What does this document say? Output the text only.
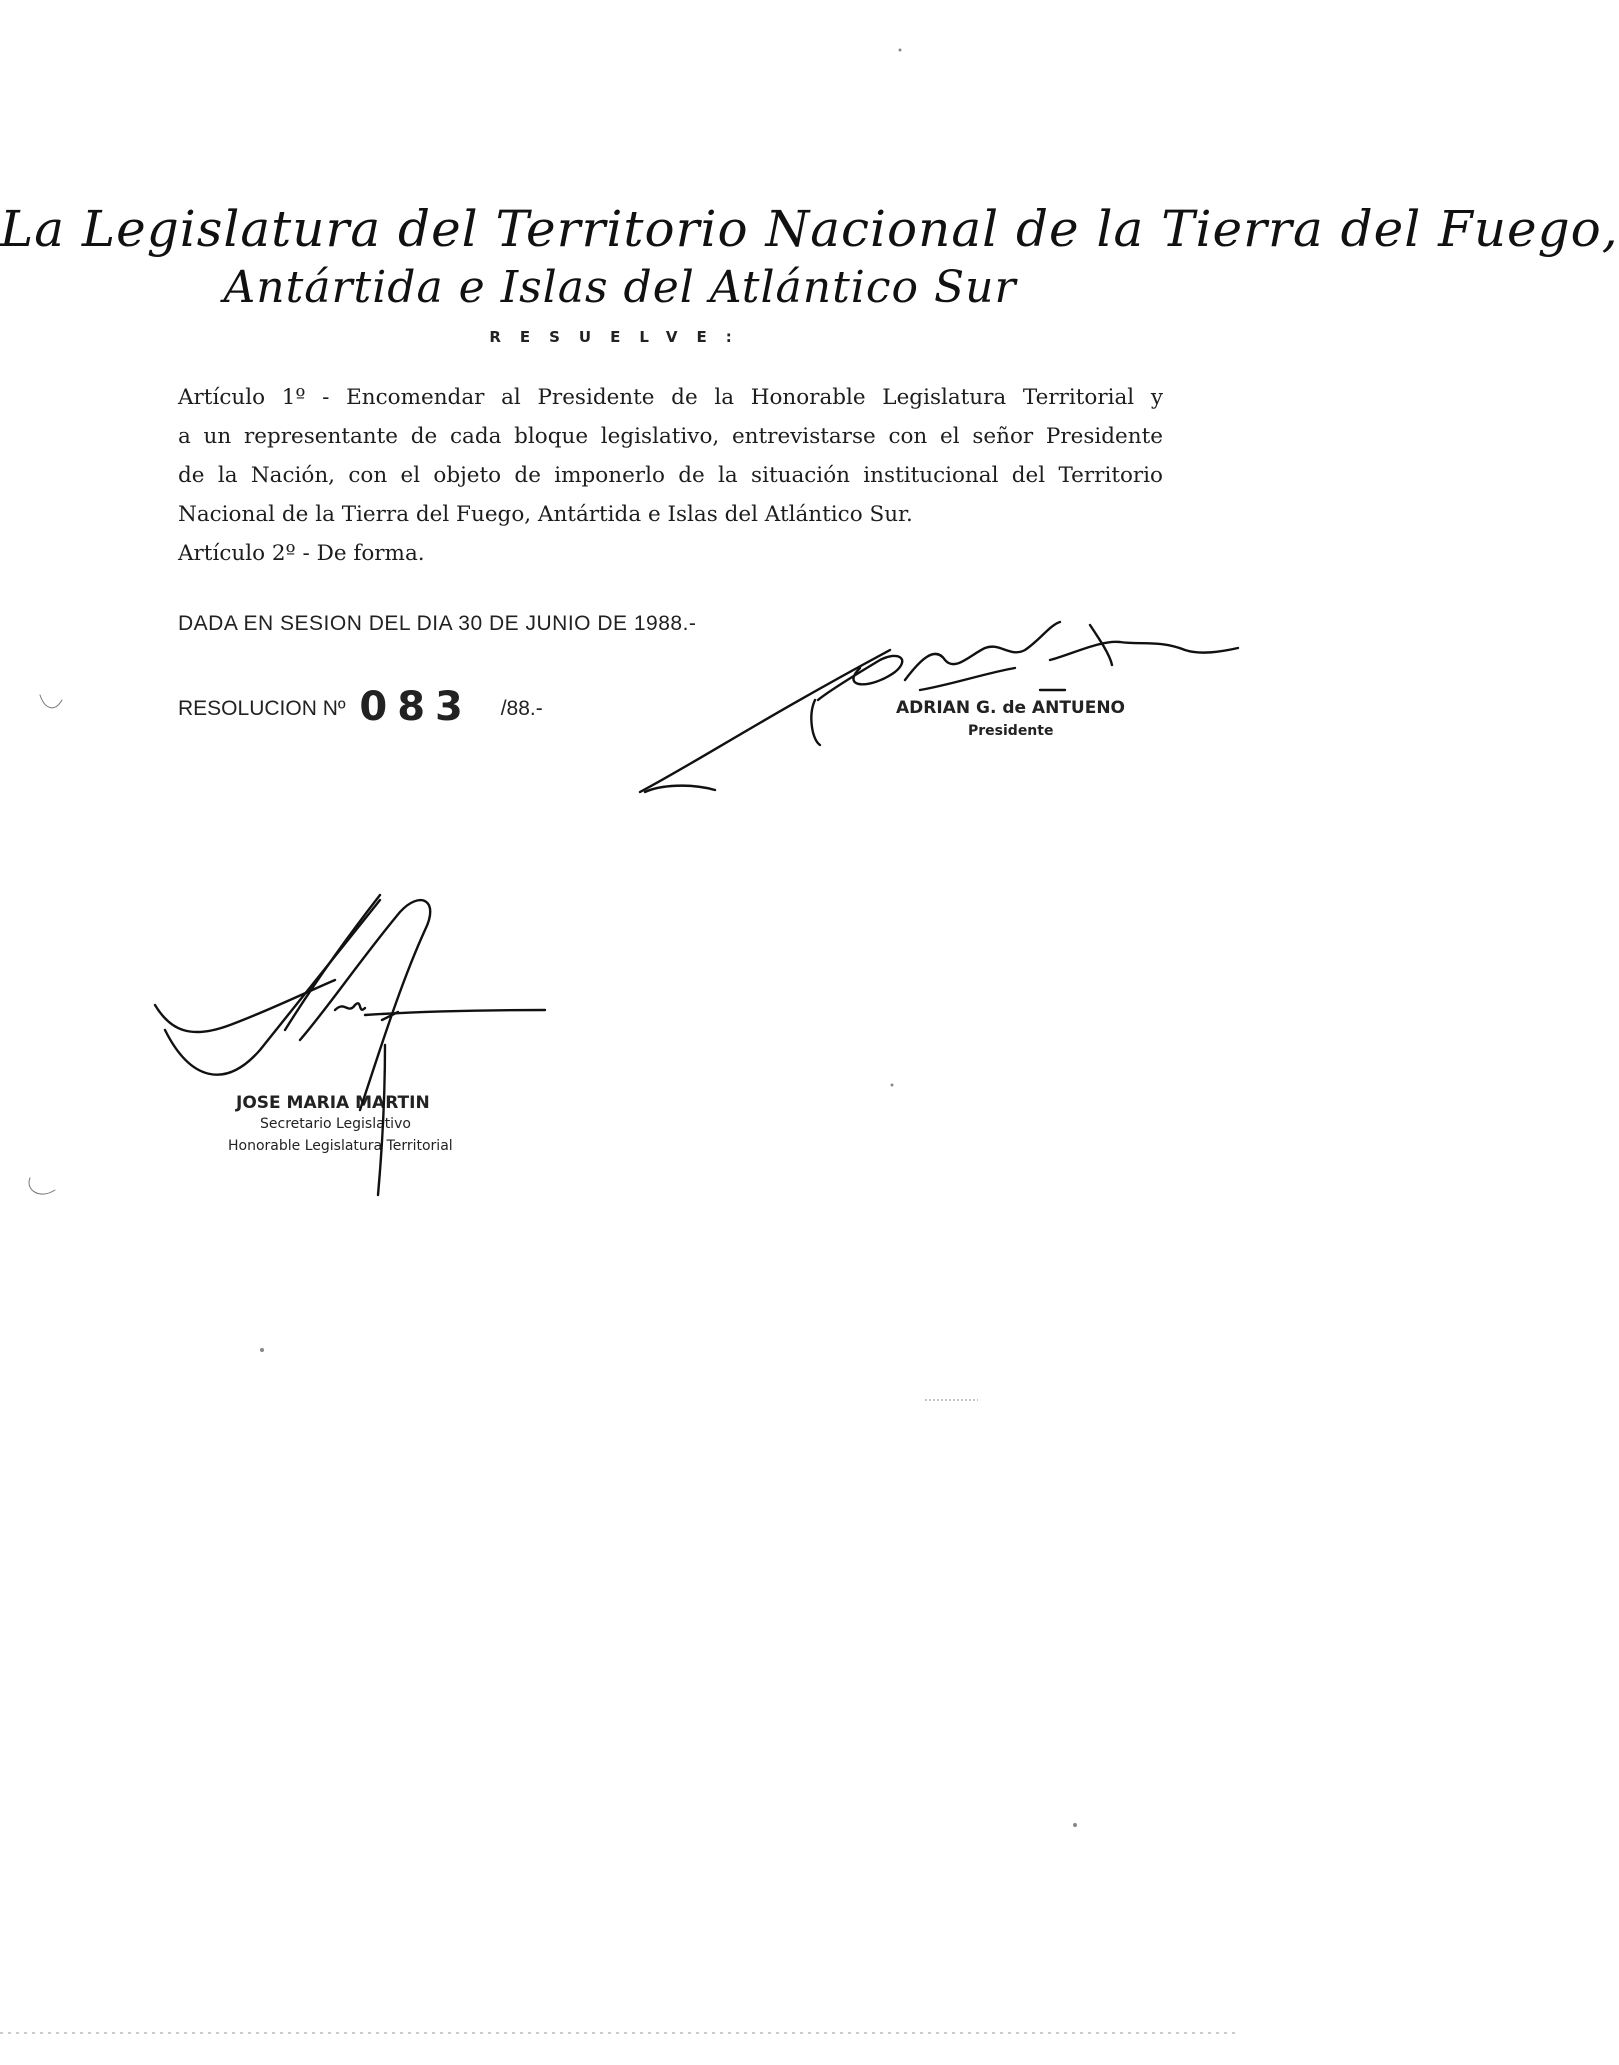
La Legislatura del Territorio Nacional de la Tierra del Fuego,
Antártida e Islas del Atlántico Sur
RESUELVE:
Artículo 1º - Encomendar al Presidente de la Honorable Legislatura Territorial y
a un representante de cada bloque legislativo, entrevistarse con el señor Presidente
de la Nación, con el objeto de imponerlo de la situación institucional del Territorio
Nacional de la Tierra del Fuego, Antártida e Islas del Atlántico Sur.
Artículo 2º - De forma.
DADA EN SESION DEL DIA 30 DE JUNIO DE 1988.-
RESOLUCION Nº 083 /88.-	ADRIAN G. de ANTUENO
Presidente
JOSE MARIA MARTIN
Secretario Legislativo
Honorable Legislatura Territorial
